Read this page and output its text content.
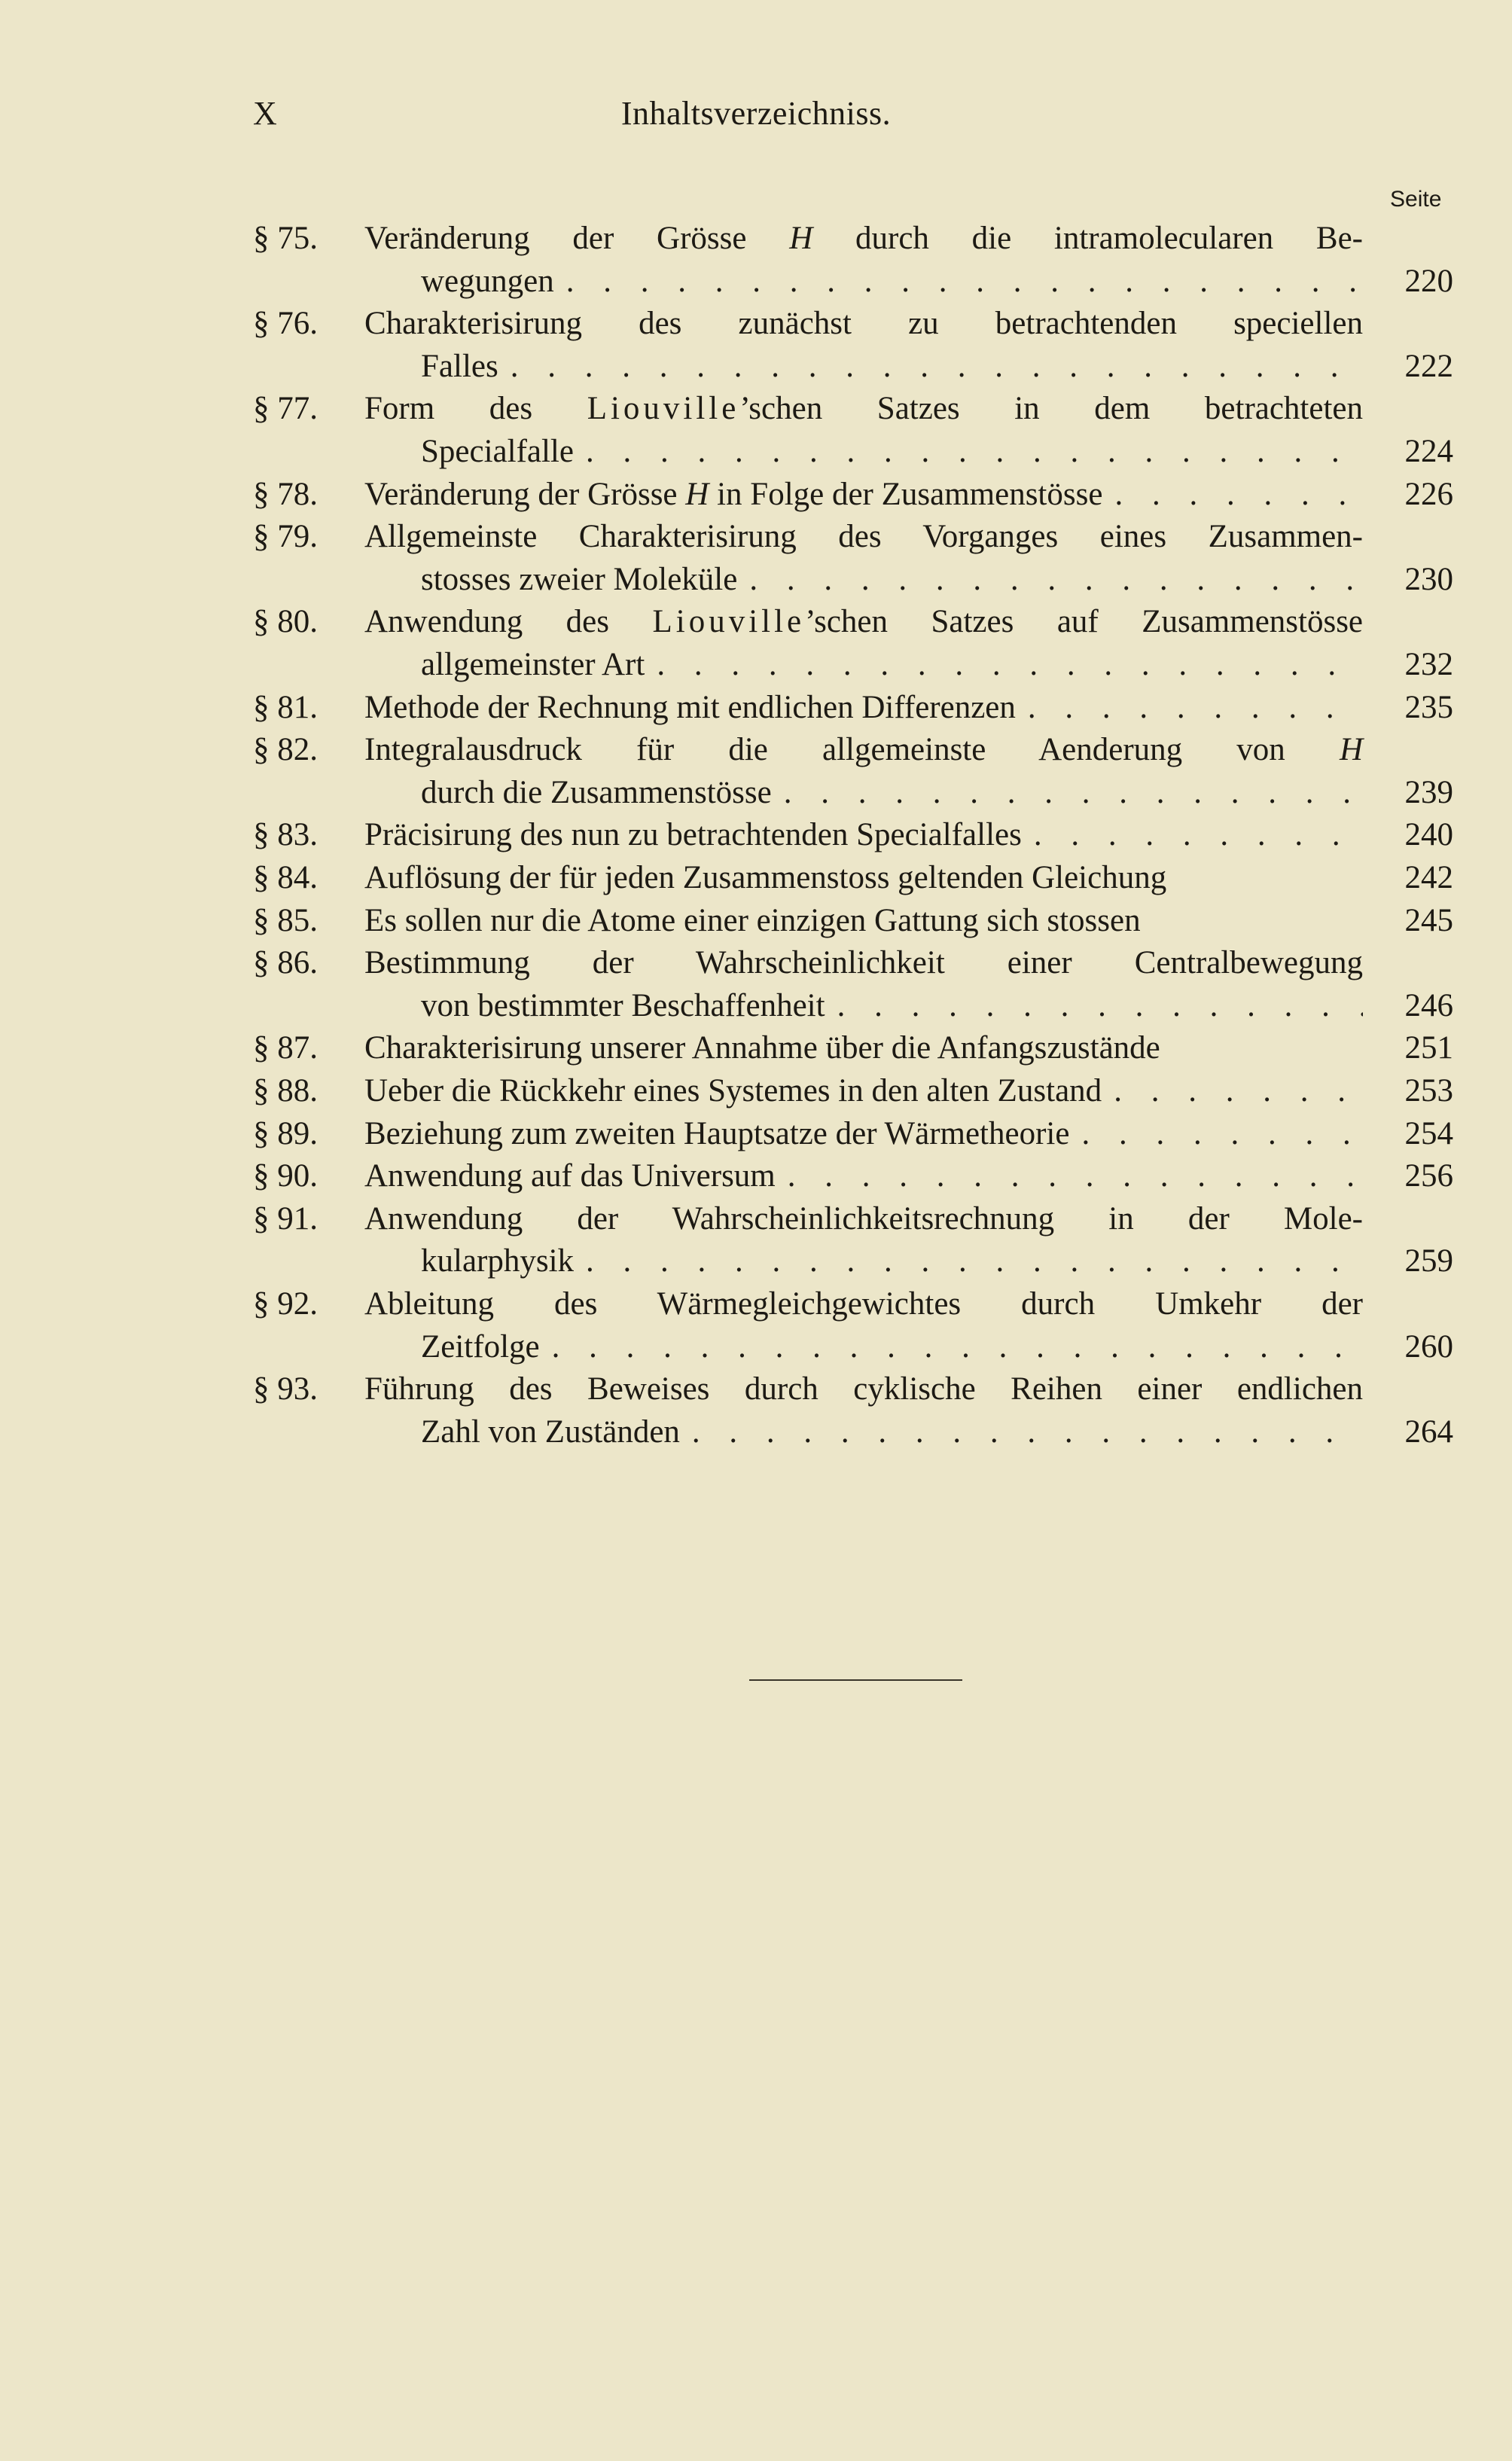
X	Inhaltsverzeichniss.
Seite
§ 75.	Veränderung der Grösse H durch die intramolecularen Be-
wegungen . . .	220
§ 76.	Charakterisirung des zunächst zu betrachtenden speciellen
Falles . . .	222
§ 77.	Form des Liouville’schen Satzes in dem betrachteten
Specialfalle . . .	224
§ 78.	Veränderung der Grösse H in Folge der Zusammenstösse . . .	226
§ 79.	Allgemeinste Charakterisirung des Vorganges eines Zusammen-
stosses zweier Moleküle . . .	230
§ 80.	Anwendung des Liouville’schen Satzes auf Zusammenstösse
allgemeinster Art . . .	232
§ 81.	Methode der Rechnung mit endlichen Differenzen . . .	235
§ 82.	Integralausdruck für die allgemeinste Aenderung von H
durch die Zusammenstösse . . .	239
§ 83.	Präcisirung des nun zu betrachtenden Specialfalles . . .	240
§ 84.	Auflösung der für jeden Zusammenstoss geltenden Gleichung	242
§ 85.	Es sollen nur die Atome einer einzigen Gattung sich stossen	245
§ 86.	Bestimmung der Wahrscheinlichkeit einer Centralbewegung
von bestimmter Beschaffenheit . . .	246
§ 87.	Charakterisirung unserer Annahme über die Anfangszustände	251
§ 88.	Ueber die Rückkehr eines Systemes in den alten Zustand . . .	253
§ 89.	Beziehung zum zweiten Hauptsatze der Wärmetheorie . . .	254
§ 90.	Anwendung auf das Universum . . .	256
§ 91.	Anwendung der Wahrscheinlichkeitsrechnung in der Mole-
kularphysik . . .	259
§ 92.	Ableitung des Wärmegleichgewichtes durch Umkehr der
Zeitfolge . . .	260
§ 93.	Führung des Beweises durch cyklische Reihen einer endlichen
Zahl von Zuständen . . .	264
